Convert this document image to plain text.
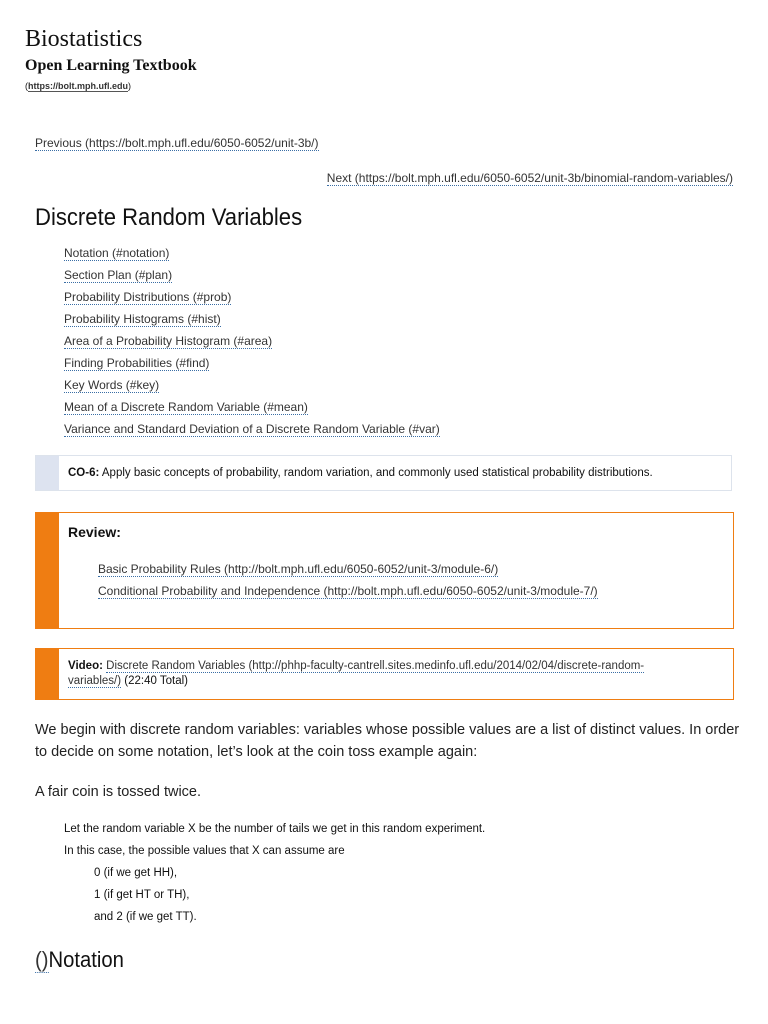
Biostatistics
Open Learning Textbook
(https://bolt.mph.ufl.edu)
Previous (https://bolt.mph.ufl.edu/6050-6052/unit-3b/)
Next (https://bolt.mph.ufl.edu/6050-6052/unit-3b/binomial-random-variables/)
Discrete Random Variables
Notation (#notation)
Section Plan (#plan)
Probability Distributions (#prob)
Probability Histograms (#hist)
Area of a Probability Histogram (#area)
Finding Probabilities (#find)
Key Words (#key)
Mean of a Discrete Random Variable (#mean)
Variance and Standard Deviation of a Discrete Random Variable (#var)
CO-6: Apply basic concepts of probability, random variation, and commonly used statistical probability distributions.
Review:
Basic Probability Rules (http://bolt.mph.ufl.edu/6050-6052/unit-3/module-6/)
Conditional Probability and Independence (http://bolt.mph.ufl.edu/6050-6052/unit-3/module-7/)
Video: Discrete Random Variables (http://phhp-faculty-cantrell.sites.medinfo.ufl.edu/2014/02/04/discrete-random-variables/) (22:40 Total)

We begin with discrete random variables: variables whose possible values are a list of distinct values. In order to decide on some notation, let’s look at the coin toss example again:

A fair coin is tossed twice.

Let the random variable X be the number of tails we get in this random experiment.
In this case, the possible values that X can assume are
0 (if we get HH),
1 (if get HT or TH),
and 2 (if we get TT).
()Notation
